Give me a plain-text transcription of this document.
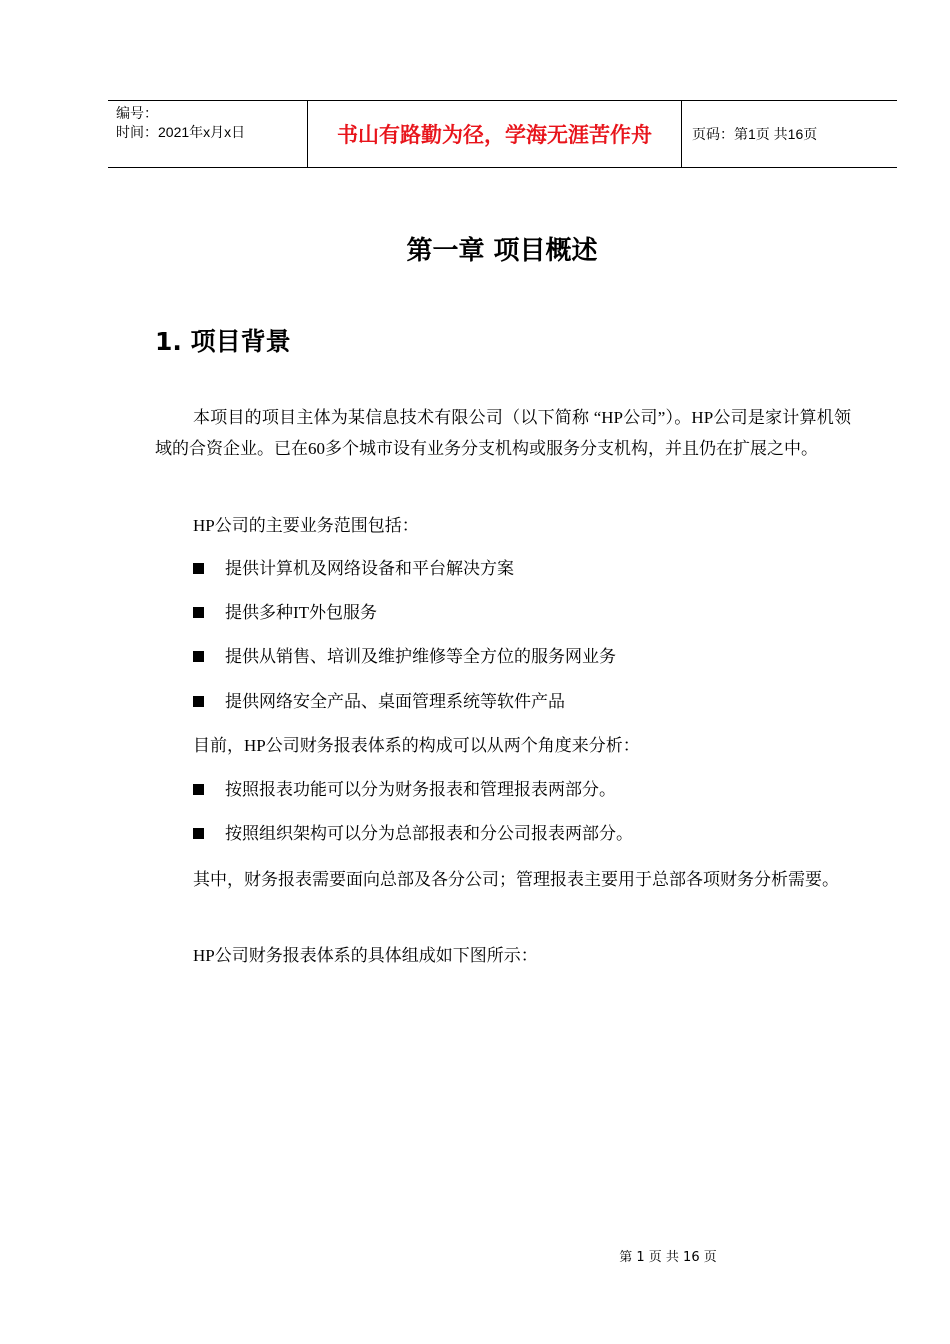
编号：
时间：2021年x月x日	书山有路勤为径，学海无涯苦作舟	页码：第1页 共16页
第一章 项目概述
1. 项目背景

本项目的项目主体为某信息技术有限公司（以下简称 “HP公司”）。HP公司是家计算机领域的合资企业。已在60多个城市设有业务分支机构或服务分支机构，并且仍在扩展之中。

HP公司的主要业务范围包括：

提供计算机及网络设备和平台解决方案
提供多种IT外包服务
提供从销售、培训及维护维修等全方位的服务网业务
提供网络安全产品、桌面管理系统等软件产品

目前，HP公司财务报表体系的构成可以从两个角度来分析：

按照报表功能可以分为财务报表和管理报表两部分。
按照组织架构可以分为总部报表和分公司报表两部分。

其中，财务报表需要面向总部及各分公司；管理报表主要用于总部各项财务分析需要。

HP公司财务报表体系的具体组成如下图所示：

第 1 页 共 16 页
